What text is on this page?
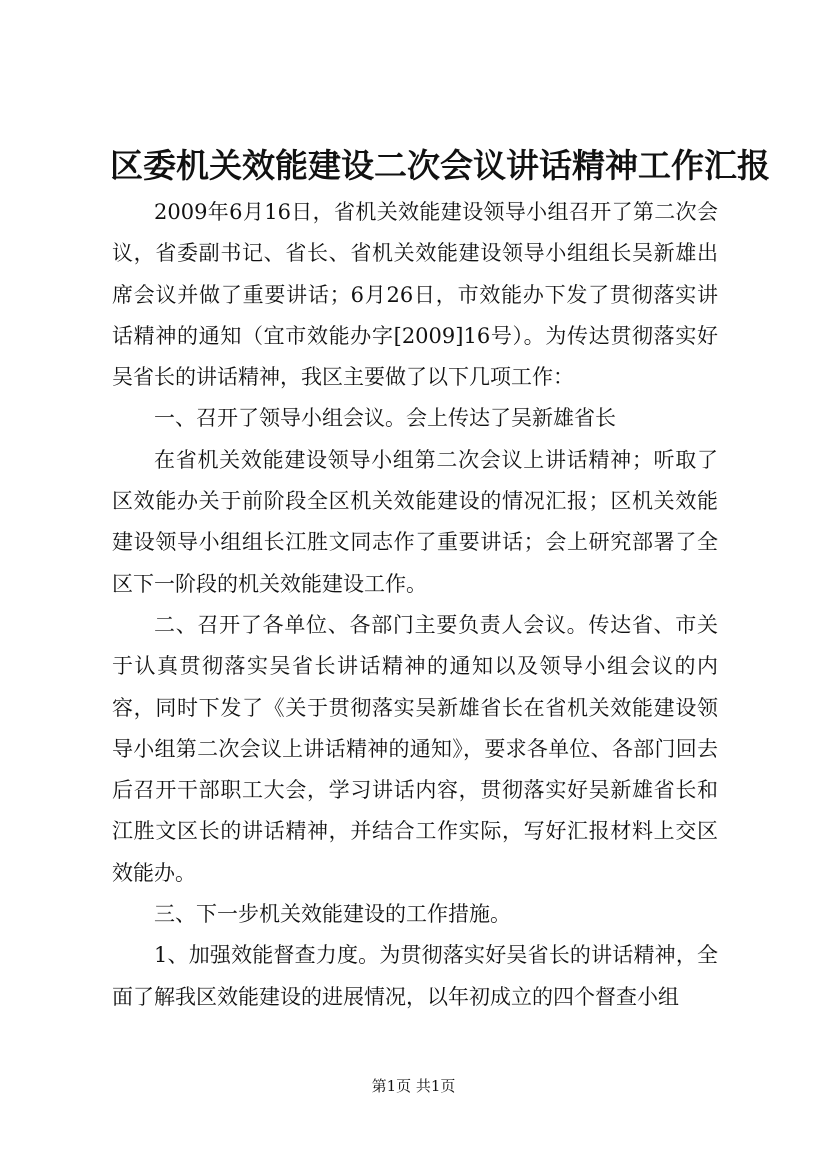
区委机关效能建设二次会议讲话精神工作汇报

2009年6月16日，省机关效能建设领导小组召开了第二次会议，省委副书记、省长、省机关效能建设领导小组组长吴新雄出席会议并做了重要讲话；6月26日，市效能办下发了贯彻落实讲话精神的通知（宜市效能办字[2009]16号）。为传达贯彻落实好吴省长的讲话精神，我区主要做了以下几项工作：

一、召开了领导小组会议。会上传达了吴新雄省长

在省机关效能建设领导小组第二次会议上讲话精神；听取了区效能办关于前阶段全区机关效能建设的情况汇报；区机关效能建设领导小组组长江胜文同志作了重要讲话；会上研究部署了全区下一阶段的机关效能建设工作。

二、召开了各单位、各部门主要负责人会议。传达省、市关于认真贯彻落实吴省长讲话精神的通知以及领导小组会议的内容，同时下发了《关于贯彻落实吴新雄省长在省机关效能建设领导小组第二次会议上讲话精神的通知》，要求各单位、各部门回去后召开干部职工大会，学习讲话内容，贯彻落实好吴新雄省长和江胜文区长的讲话精神，并结合工作实际，写好汇报材料上交区效能办。

三、下一步机关效能建设的工作措施。

1、加强效能督查力度。为贯彻落实好吴省长的讲话精神，全面了解我区效能建设的进展情况，以年初成立的四个督查小组

第1页 共1页
